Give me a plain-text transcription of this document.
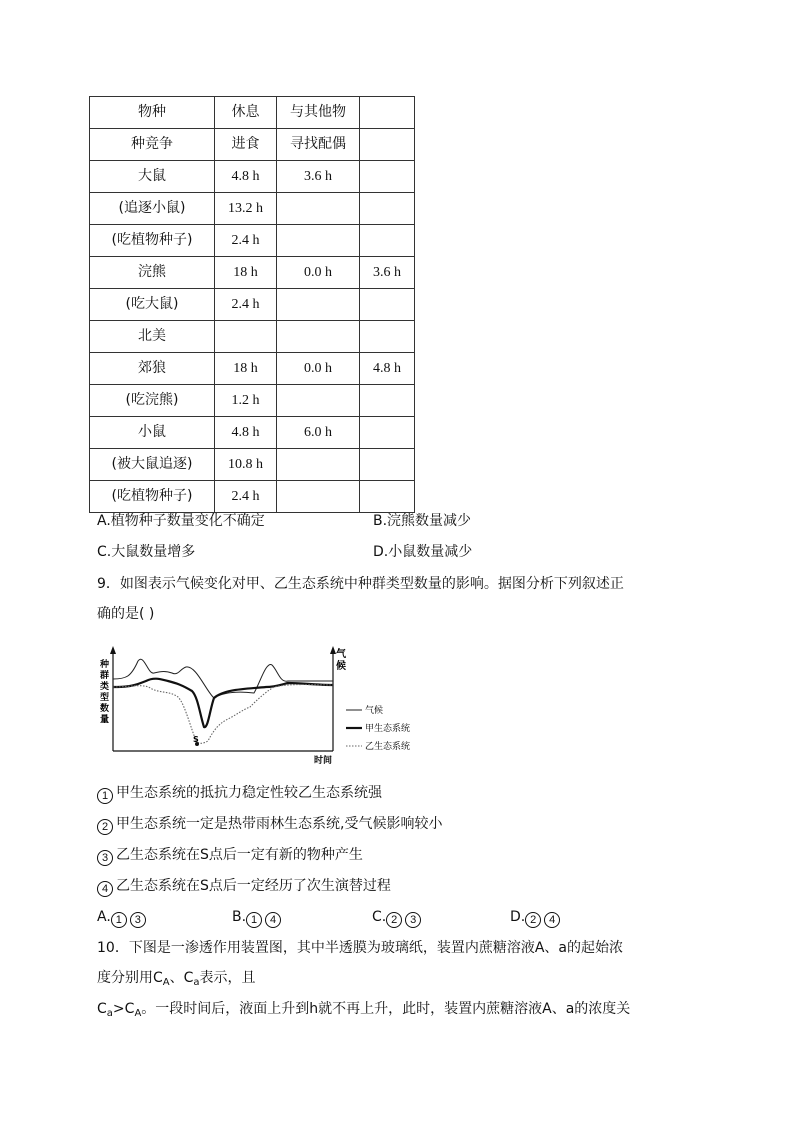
物种	休息	与其他物	
种竞争	进食	寻找配偶	
大鼠	4.8 h	3.6 h	
(追逐小鼠)	13.2 h		
(吃植物种子)	2.4 h		
浣熊	18 h	0.0 h	3.6 h
(吃大鼠)	2.4 h		
北美			
郊狼	18 h	0.0 h	4.8 h
(吃浣熊)	1.2 h		
小鼠	4.8 h	6.0 h	
(被大鼠追逐)	10.8 h		
(吃植物种子)	2.4 h		
A.植物种子数量变化不确定	B.浣熊数量减少
C.大鼠数量增多	D.小鼠数量减少
9．如图表示气候变化对甲、乙生态系统中种群类型数量的影响。据图分析下列叙述正
确的是( )
种
群
类
型
数
量
气
候
时间
S
气候
甲生态系统
乙生态系统
1 甲生态系统的抵抗力稳定性较乙生态系统强
2 甲生态系统一定是热带雨林生态系统,受气候影响较小
3 乙生态系统在S点后一定有新的物种产生
4 乙生态系统在S点后一定经历了次生演替过程
A. 1 3	B. 1 4	C. 2 3	D. 2 4
10．下图是一渗透作用装置图，其中半透膜为玻璃纸，装置内蔗糖溶液A、a的起始浓
度分别用$C_A$、$C_a$表示，且
$C_a>C_A$。一段时间后，液面上升到h就不再上升，此时，装置内蔗糖溶液A、a的浓度关
